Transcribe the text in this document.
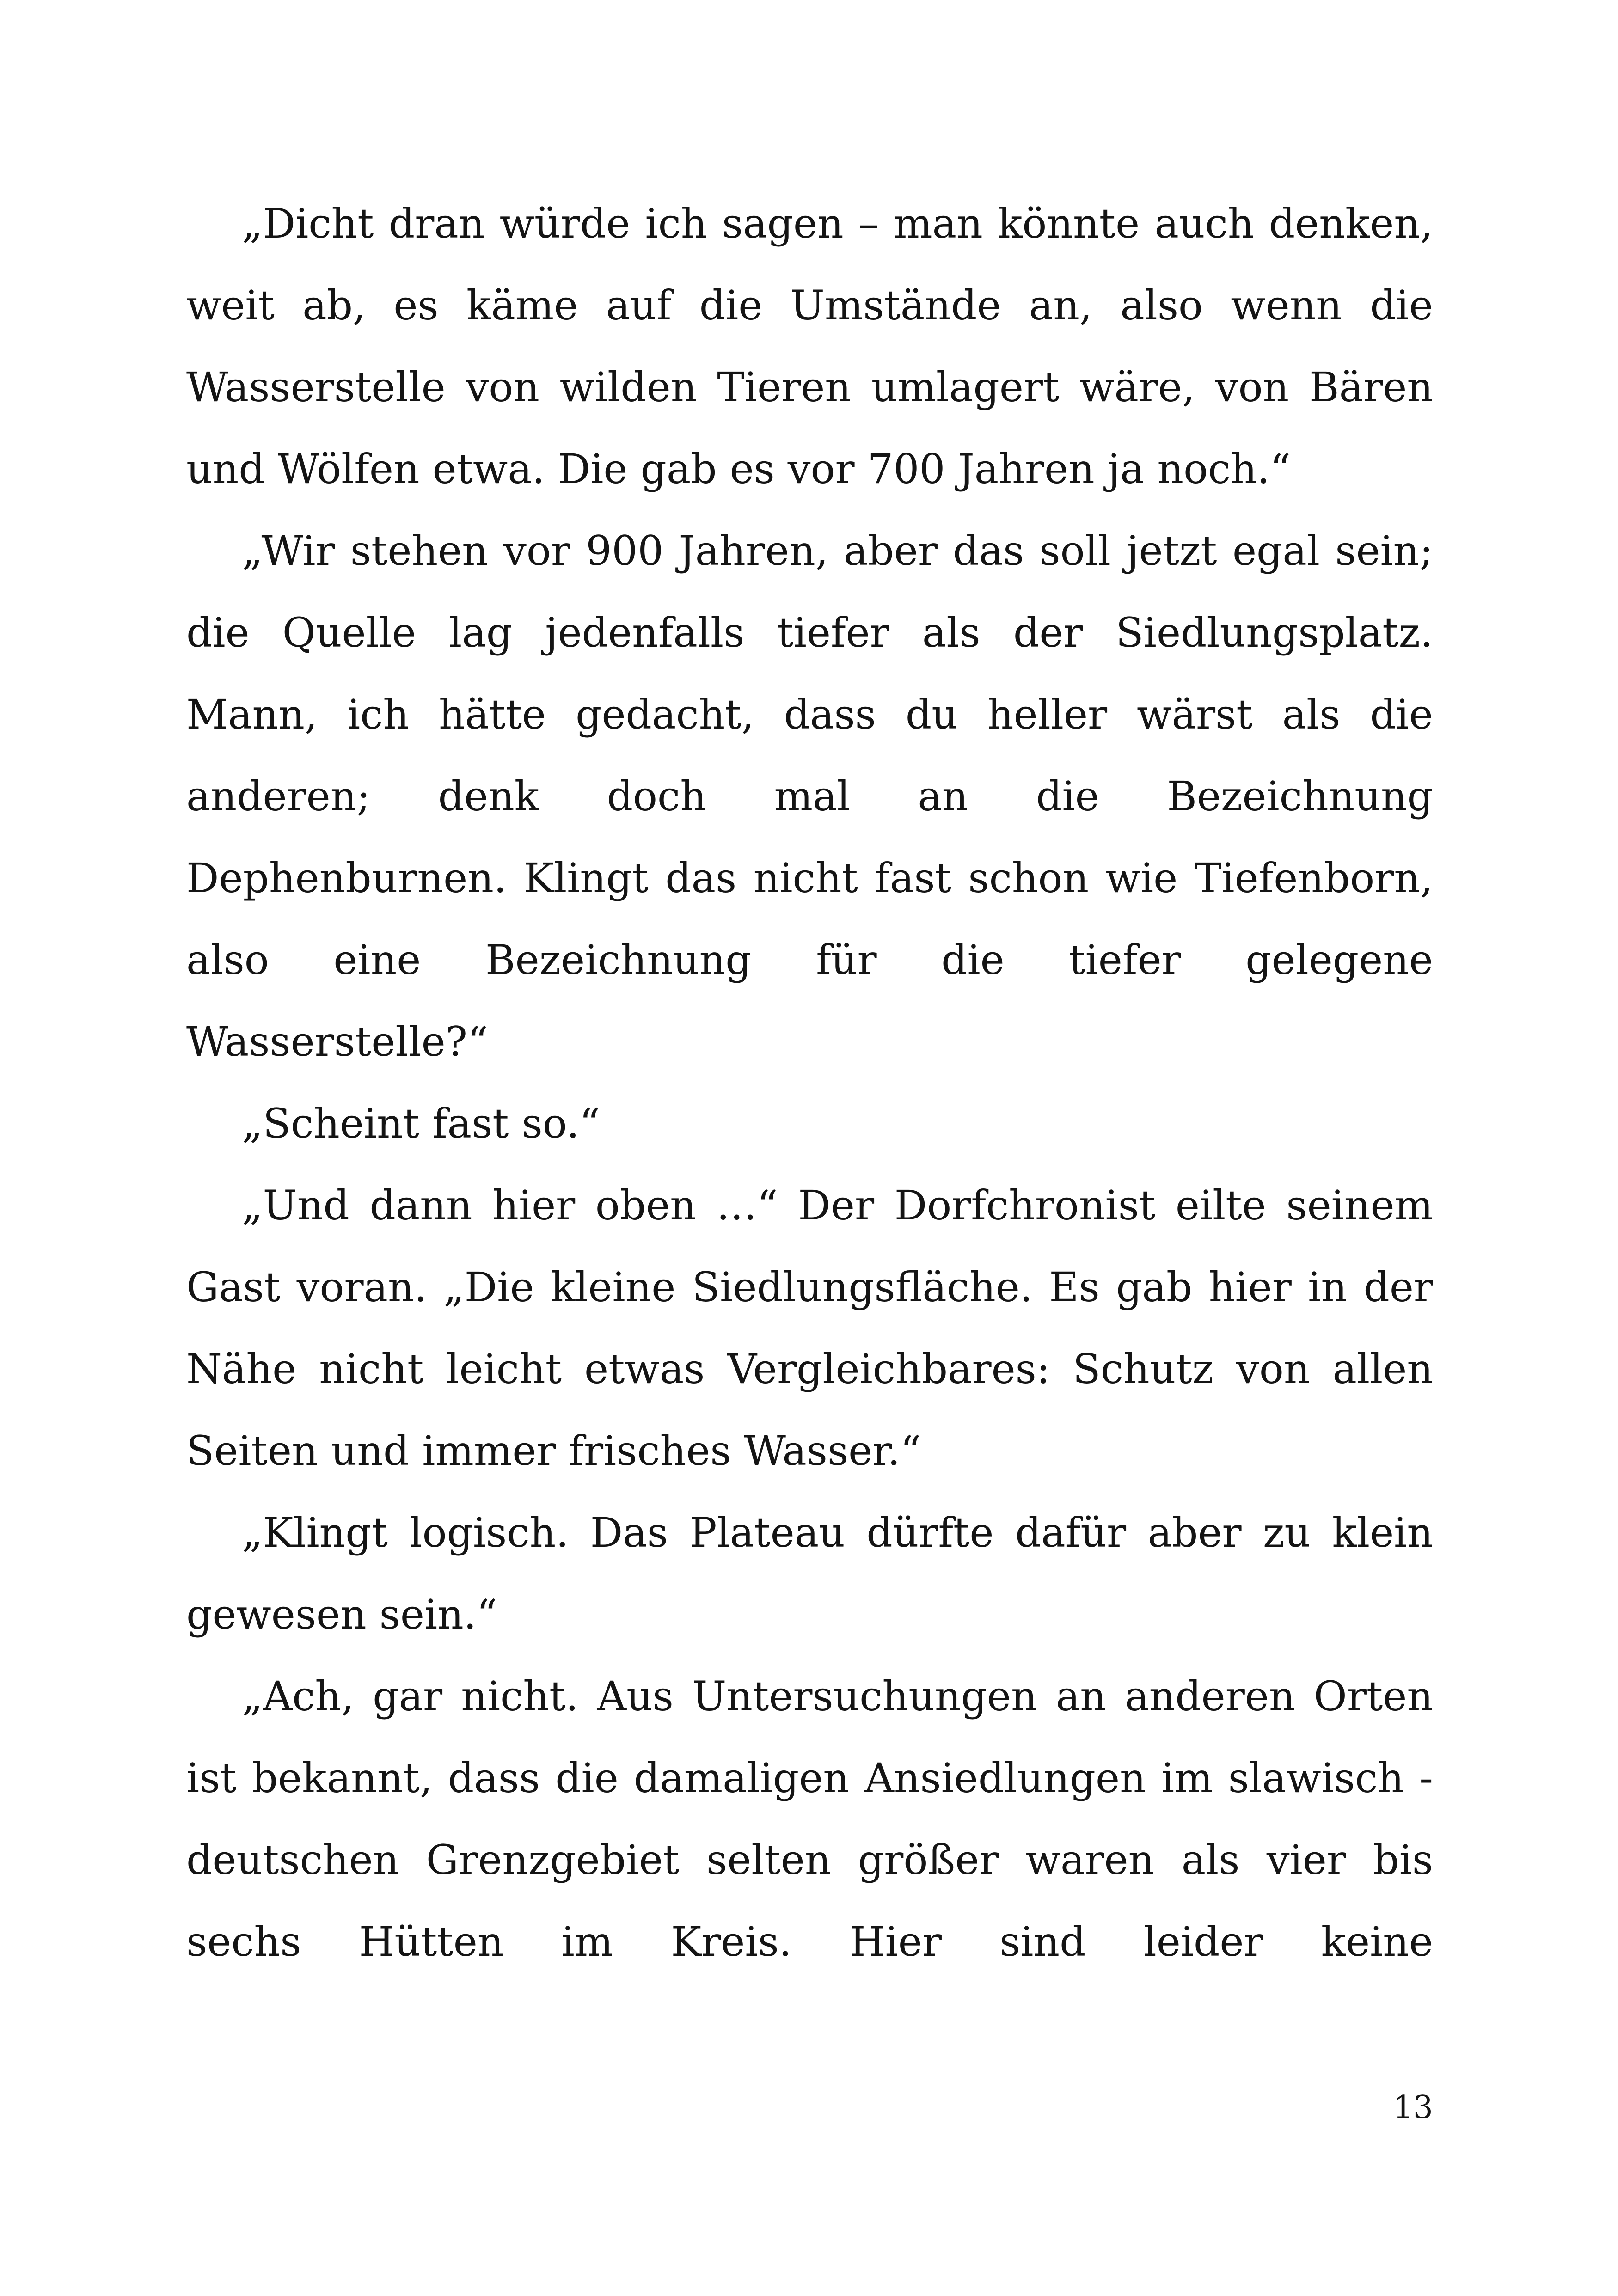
„Dicht dran würde ich sagen – man könnte auch denken, weit ab, es käme auf die Umstände an, also wenn die Wasserstelle von wilden Tieren umlagert wäre, von Bären und Wölfen etwa. Die gab es vor 700 Jahren ja noch.“

„Wir stehen vor 900 Jahren, aber das soll jetzt egal sein; die Quelle lag jedenfalls tiefer als der Siedlungsplatz. Mann, ich hätte gedacht, dass du heller wärst als die anderen; denk doch mal an die Bezeichnung Dephenburnen. Klingt das nicht fast schon wie Tiefenborn, also eine Bezeichnung für die tiefer gelegene Wasserstelle?“

„Scheint fast so.“

„Und dann hier oben …“ Der Dorfchronist eilte seinem Gast voran. „Die kleine Siedlungsfläche. Es gab hier in der Nähe nicht leicht etwas Vergleichbares: Schutz von allen Seiten und immer frisches Wasser.“

„Klingt logisch. Das Plateau dürfte dafür aber zu klein gewesen sein.“

„Ach, gar nicht. Aus Untersuchungen an anderen Orten ist bekannt, dass die damaligen Ansiedlungen im slawisch - deutschen Grenzgebiet selten größer waren als vier bis sechs Hütten im Kreis. Hier sind leider keine

13
